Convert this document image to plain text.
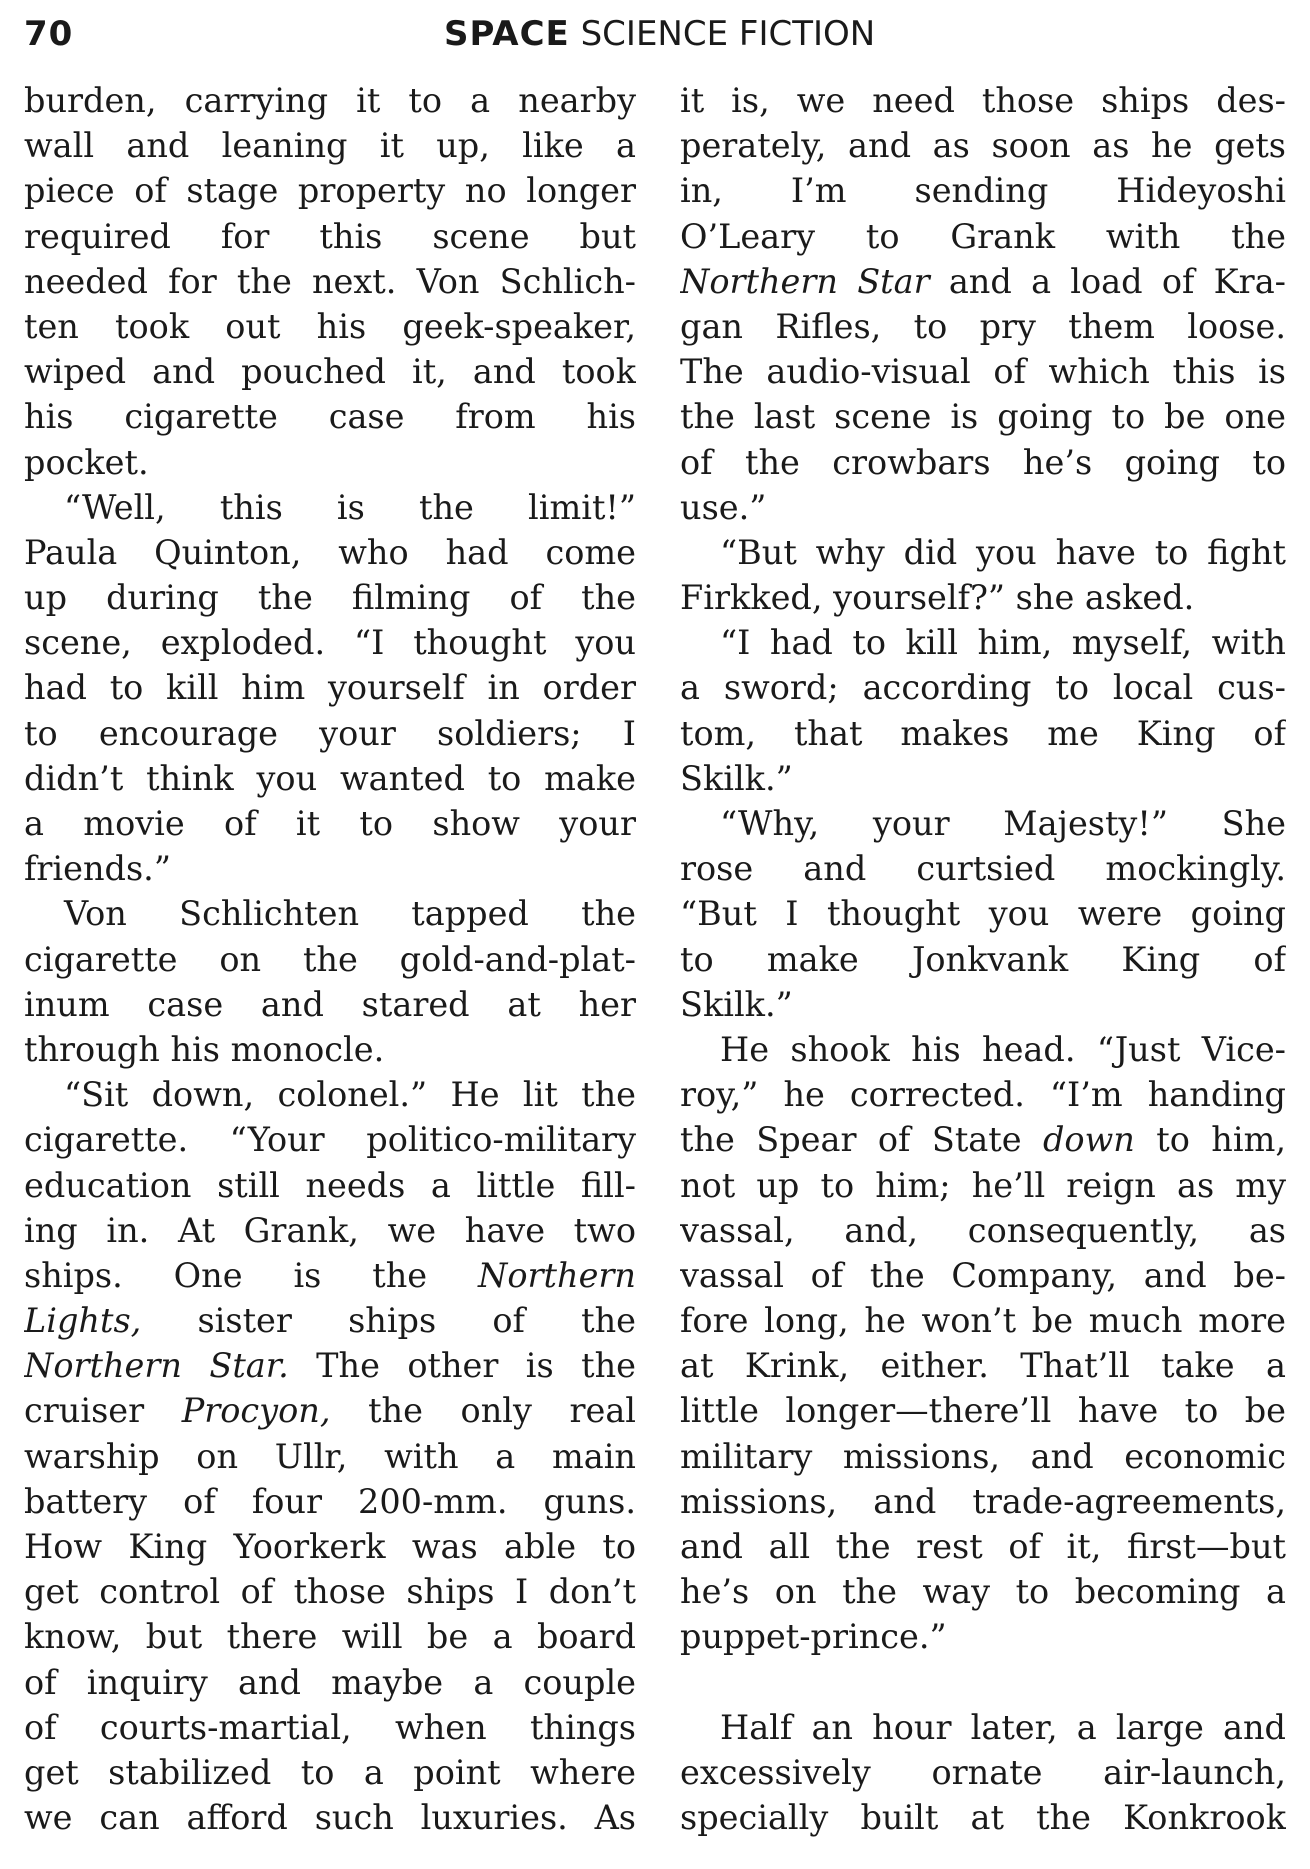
70	SPACE SCIENCE FICTION
burden, carrying it to a nearby
wall and leaning it up, like a
piece of stage property no longer
required for this scene but
needed for the next. Von Schlich-
ten took out his geek-speaker,
wiped and pouched it, and took
his cigarette case from his
pocket.
“Well, this is the limit!”
Paula Quinton, who had come
up during the filming of the
scene, exploded. “I thought you
had to kill him yourself in order
to encourage your soldiers; I
didn’t think you wanted to make
a movie of it to show your
friends.”
Von Schlichten tapped the
cigarette on the gold-and-plat-
inum case and stared at her
through his monocle.
“Sit down, colonel.” He lit the
cigarette. “Your politico-military
education still needs a little fill-
ing in. At Grank, we have two
ships. One is the Northern
Lights, sister ships of the
Northern Star. The other is the
cruiser Procyon, the only real
warship on Ullr, with a main
battery of four 200-mm. guns.
How King Yoorkerk was able to
get control of those ships I don’t
know, but there will be a board
of inquiry and maybe a couple
of courts-martial, when things
get stabilized to a point where
we can afford such luxuries. As
it is, we need those ships des-
perately, and as soon as he gets
in, I’m sending Hideyoshi
O’Leary to Grank with the
Northern Star and a load of Kra-
gan Rifles, to pry them loose.
The audio-visual of which this is
the last scene is going to be one
of the crowbars he’s going to
use.”
“But why did you have to fight
Firkked, yourself?” she asked.
“I had to kill him, myself, with
a sword; according to local cus-
tom, that makes me King of
Skilk.”
“Why, your Majesty!” She
rose and curtsied mockingly.
“But I thought you were going
to make Jonkvank King of
Skilk.”
He shook his head. “Just Vice-
roy,” he corrected. “I’m handing
the Spear of State down to him,
not up to him; he’ll reign as my
vassal, and, consequently, as
vassal of the Company, and be-
fore long, he won’t be much more
at Krink, either. That’ll take a
little longer—there’ll have to be
military missions, and economic
missions, and trade-agreements,
and all the rest of it, first—but
he’s on the way to becoming a
puppet-prince.”
Half an hour later, a large and
excessively ornate air-launch,
specially built at the Konkrook
